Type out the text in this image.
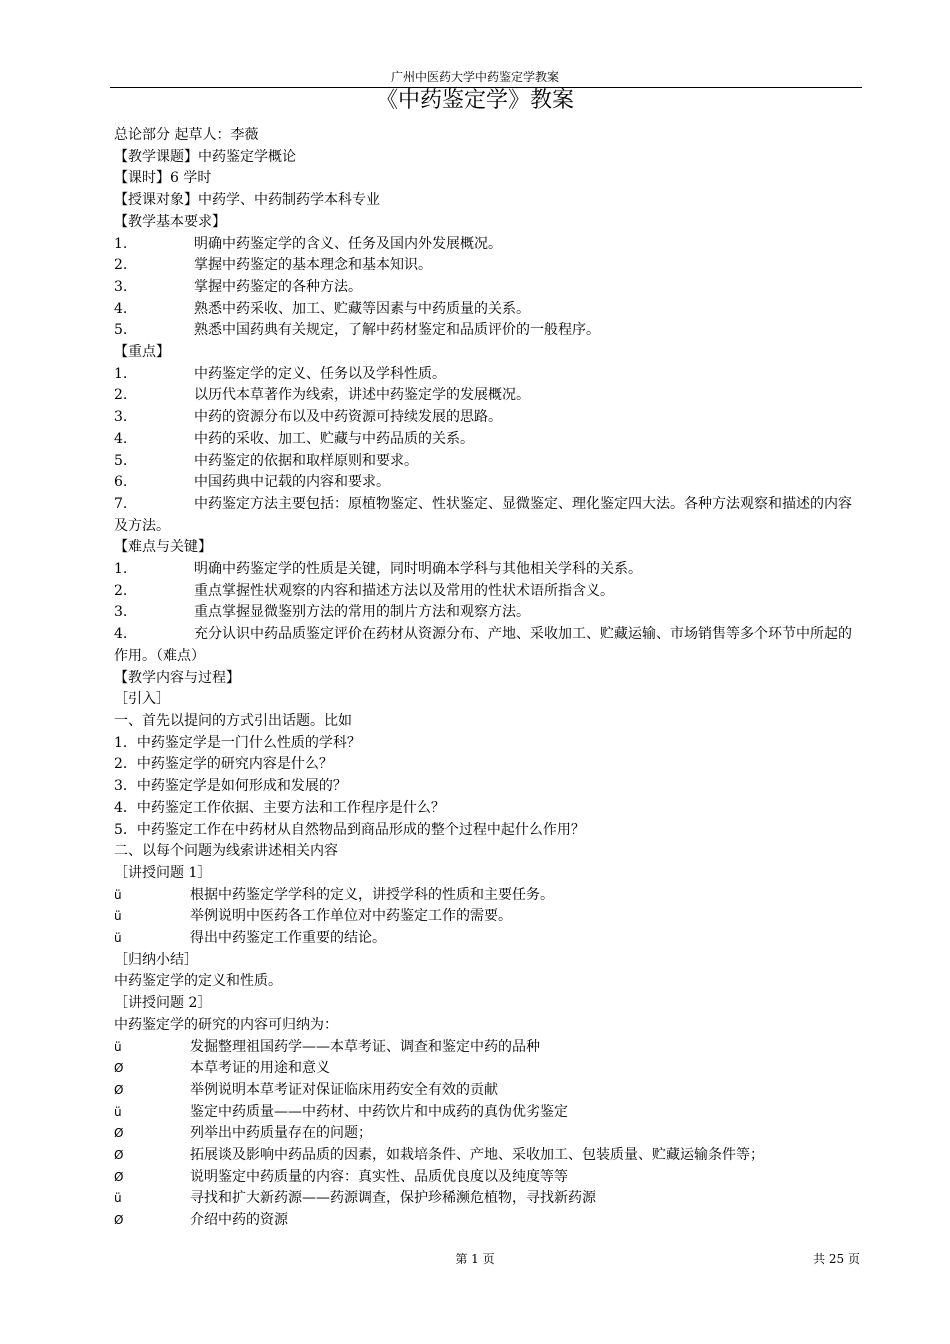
广州中医药大学中药鉴定学教案
《中药鉴定学》教案
总论部分 起草人：李薇
【教学课题】中药鉴定学概论
【课时】6 学时
【授课对象】中药学、中药制药学本科专业
【教学基本要求】
1.	明确中药鉴定学的含义、任务及国内外发展概况。
2.	掌握中药鉴定的基本理念和基本知识。
3.	掌握中药鉴定的各种方法。
4.	熟悉中药采收、加工、贮藏等因素与中药质量的关系。
5.	熟悉中国药典有关规定，了解中药材鉴定和品质评价的一般程序。
【重点】
1.	中药鉴定学的定义、任务以及学科性质。
2.	以历代本草著作为线索，讲述中药鉴定学的发展概况。
3.	中药的资源分布以及中药资源可持续发展的思路。
4.	中药的采收、加工、贮藏与中药品质的关系。
5.	中药鉴定的依据和取样原则和要求。
6.	中国药典中记载的内容和要求。
7.	中药鉴定方法主要包括：原植物鉴定、性状鉴定、显微鉴定、理化鉴定四大法。各种方法观察和描述的内容及方法。
【难点与关键】
1.	明确中药鉴定学的性质是关键，同时明确本学科与其他相关学科的关系。
2.	重点掌握性状观察的内容和描述方法以及常用的性状术语所指含义。
3.	重点掌握显微鉴别方法的常用的制片方法和观察方法。
4.	充分认识中药品质鉴定评价在药材从资源分布、产地、采收加工、贮藏运输、市场销售等多个环节中所起的作用。（难点）
【教学内容与过程】
［引入］
一、首先以提问的方式引出话题。比如
1．中药鉴定学是一门什么性质的学科？
2．中药鉴定学的研究内容是什么？
3．中药鉴定学是如何形成和发展的？
4．中药鉴定工作依据、主要方法和工作程序是什么？
5．中药鉴定工作在中药材从自然物品到商品形成的整个过程中起什么作用？
二、以每个问题为线索讲述相关内容
［讲授问题 1］
ü	根据中药鉴定学学科的定义，讲授学科的性质和主要任务。
ü	举例说明中医药各工作单位对中药鉴定工作的需要。
ü	得出中药鉴定工作重要的结论。
［归纳小结］
中药鉴定学的定义和性质。
［讲授问题 2］
中药鉴定学的研究的内容可归纳为：
ü	发掘整理祖国药学——本草考证、调查和鉴定中药的品种
Ø	本草考证的用途和意义
Ø	举例说明本草考证对保证临床用药安全有效的贡献
ü	鉴定中药质量——中药材、中药饮片和中成药的真伪优劣鉴定
Ø	列举出中药质量存在的问题；
Ø	拓展谈及影响中药品质的因素，如栽培条件、产地、采收加工、包装质量、贮藏运输条件等；
Ø	说明鉴定中药质量的内容：真实性、品质优良度以及纯度等等
ü	寻找和扩大新药源——药源调查，保护珍稀濒危植物，寻找新药源
Ø	介绍中药的资源
第 1 页	共 25 页
